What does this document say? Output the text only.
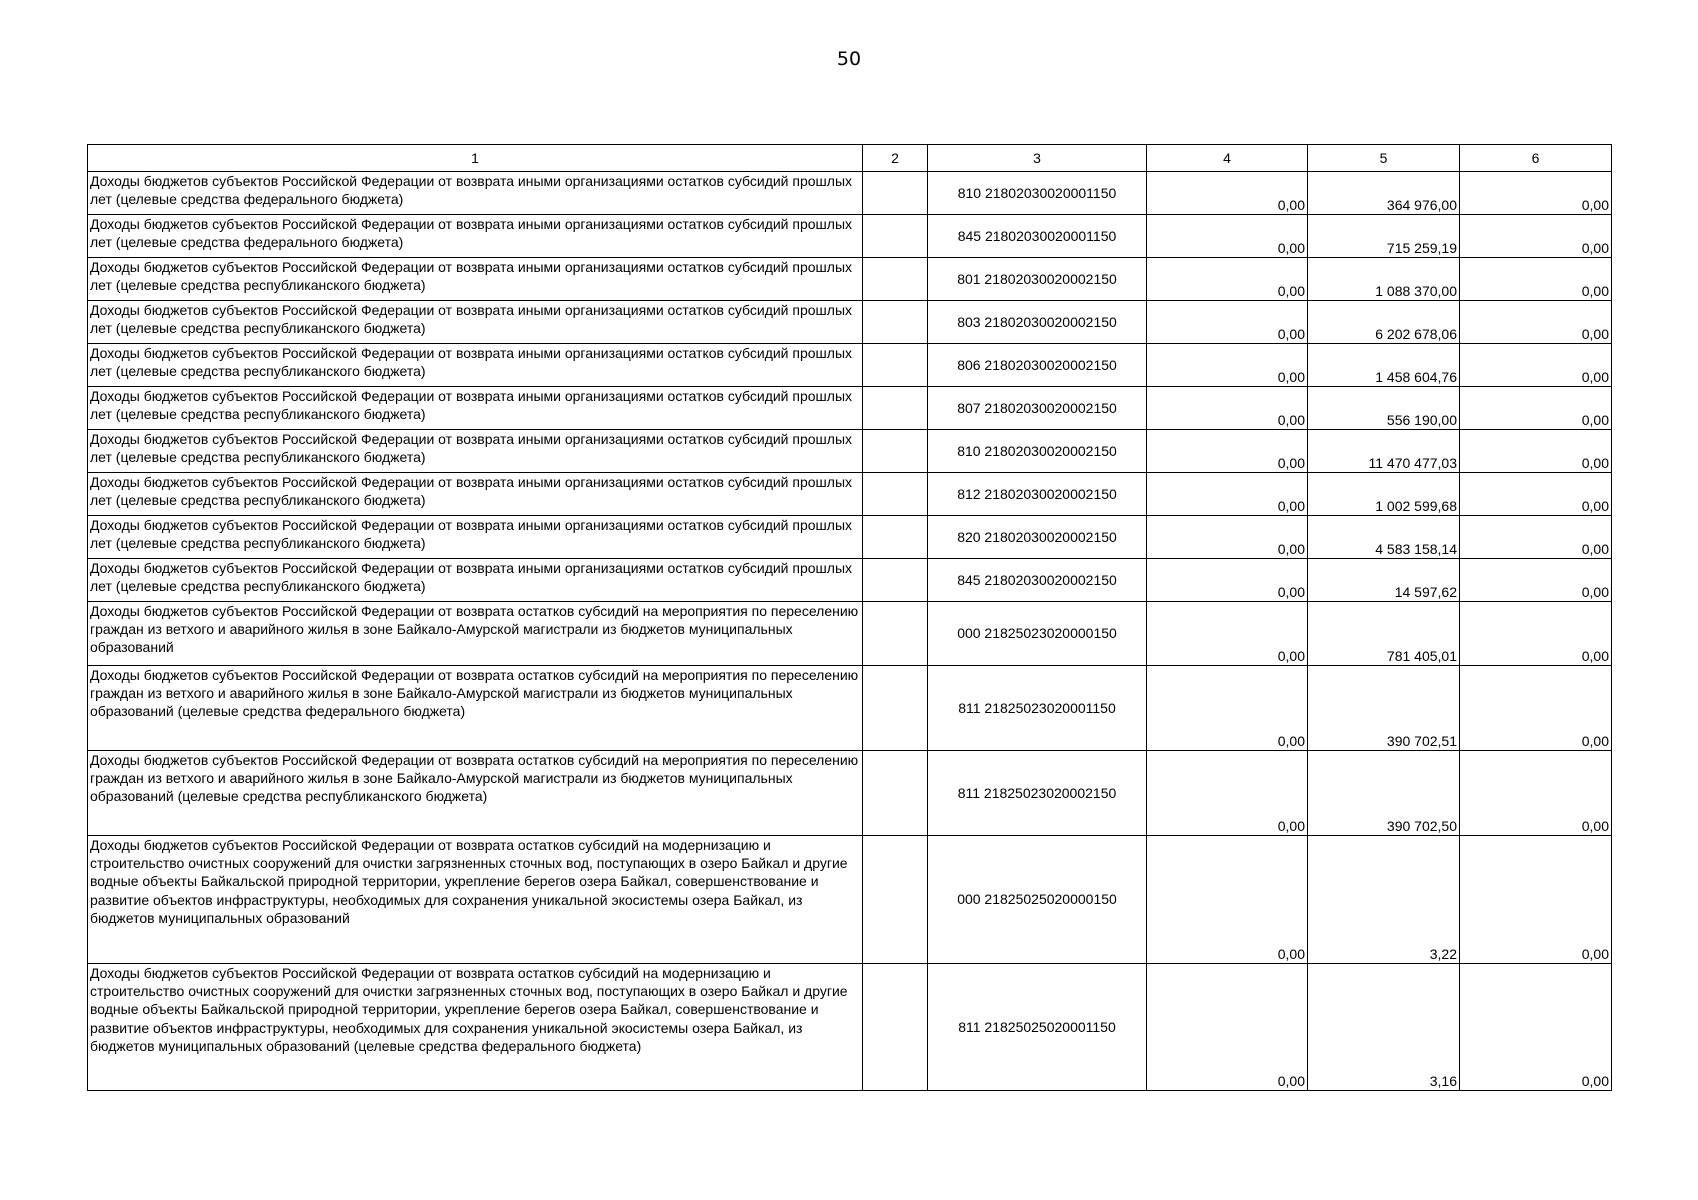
50
1	2	3	4	5	6
Доходы бюджетов субъектов Российской Федерации от возврата иными организациями остатков субсидий прошлых лет (целевые средства федерального бюджета)		810 21802030020001150	0,00	364 976,00	0,00
Доходы бюджетов субъектов Российской Федерации от возврата иными организациями остатков субсидий прошлых лет (целевые средства федерального бюджета)		845 21802030020001150	0,00	715 259,19	0,00
Доходы бюджетов субъектов Российской Федерации от возврата иными организациями остатков субсидий прошлых лет (целевые средства республиканского бюджета)		801 21802030020002150	0,00	1 088 370,00	0,00
Доходы бюджетов субъектов Российской Федерации от возврата иными организациями остатков субсидий прошлых лет (целевые средства республиканского бюджета)		803 21802030020002150	0,00	6 202 678,06	0,00
Доходы бюджетов субъектов Российской Федерации от возврата иными организациями остатков субсидий прошлых лет (целевые средства республиканского бюджета)		806 21802030020002150	0,00	1 458 604,76	0,00
Доходы бюджетов субъектов Российской Федерации от возврата иными организациями остатков субсидий прошлых лет (целевые средства республиканского бюджета)		807 21802030020002150	0,00	556 190,00	0,00
Доходы бюджетов субъектов Российской Федерации от возврата иными организациями остатков субсидий прошлых лет (целевые средства республиканского бюджета)		810 21802030020002150	0,00	11 470 477,03	0,00
Доходы бюджетов субъектов Российской Федерации от возврата иными организациями остатков субсидий прошлых лет (целевые средства республиканского бюджета)		812 21802030020002150	0,00	1 002 599,68	0,00
Доходы бюджетов субъектов Российской Федерации от возврата иными организациями остатков субсидий прошлых лет (целевые средства республиканского бюджета)		820 21802030020002150	0,00	4 583 158,14	0,00
Доходы бюджетов субъектов Российской Федерации от возврата иными организациями остатков субсидий прошлых лет (целевые средства республиканского бюджета)		845 21802030020002150	0,00	14 597,62	0,00
Доходы бюджетов субъектов Российской Федерации от возврата остатков субсидий на мероприятия по переселению граждан из ветхого и аварийного жилья в зоне Байкало-Амурской магистрали из бюджетов муниципальных образований		000 21825023020000150	0,00	781 405,01	0,00
Доходы бюджетов субъектов Российской Федерации от возврата остатков субсидий на мероприятия по переселению граждан из ветхого и аварийного жилья в зоне Байкало-Амурской магистрали из бюджетов муниципальных образований (целевые средства федерального бюджета)		811 21825023020001150	0,00	390 702,51	0,00
Доходы бюджетов субъектов Российской Федерации от возврата остатков субсидий на мероприятия по переселению граждан из ветхого и аварийного жилья в зоне Байкало-Амурской магистрали из бюджетов муниципальных образований (целевые средства республиканского бюджета)		811 21825023020002150	0,00	390 702,50	0,00
Доходы бюджетов субъектов Российской Федерации от возврата остатков субсидий на модернизацию и строительство очистных сооружений для очистки загрязненных сточных вод, поступающих в озеро Байкал и другие водные объекты Байкальской природной территории, укрепление берегов озера Байкал, совершенствование и развитие объектов инфраструктуры, необходимых для сохранения уникальной экосистемы озера Байкал, из бюджетов муниципальных образований		000 21825025020000150	0,00	3,22	0,00
Доходы бюджетов субъектов Российской Федерации от возврата остатков субсидий на модернизацию и строительство очистных сооружений для очистки загрязненных сточных вод, поступающих в озеро Байкал и другие водные объекты Байкальской природной территории, укрепление берегов озера Байкал, совершенствование и развитие объектов инфраструктуры, необходимых для сохранения уникальной экосистемы озера Байкал, из бюджетов муниципальных образований (целевые средства федерального бюджета)		811 21825025020001150	0,00	3,16	0,00
